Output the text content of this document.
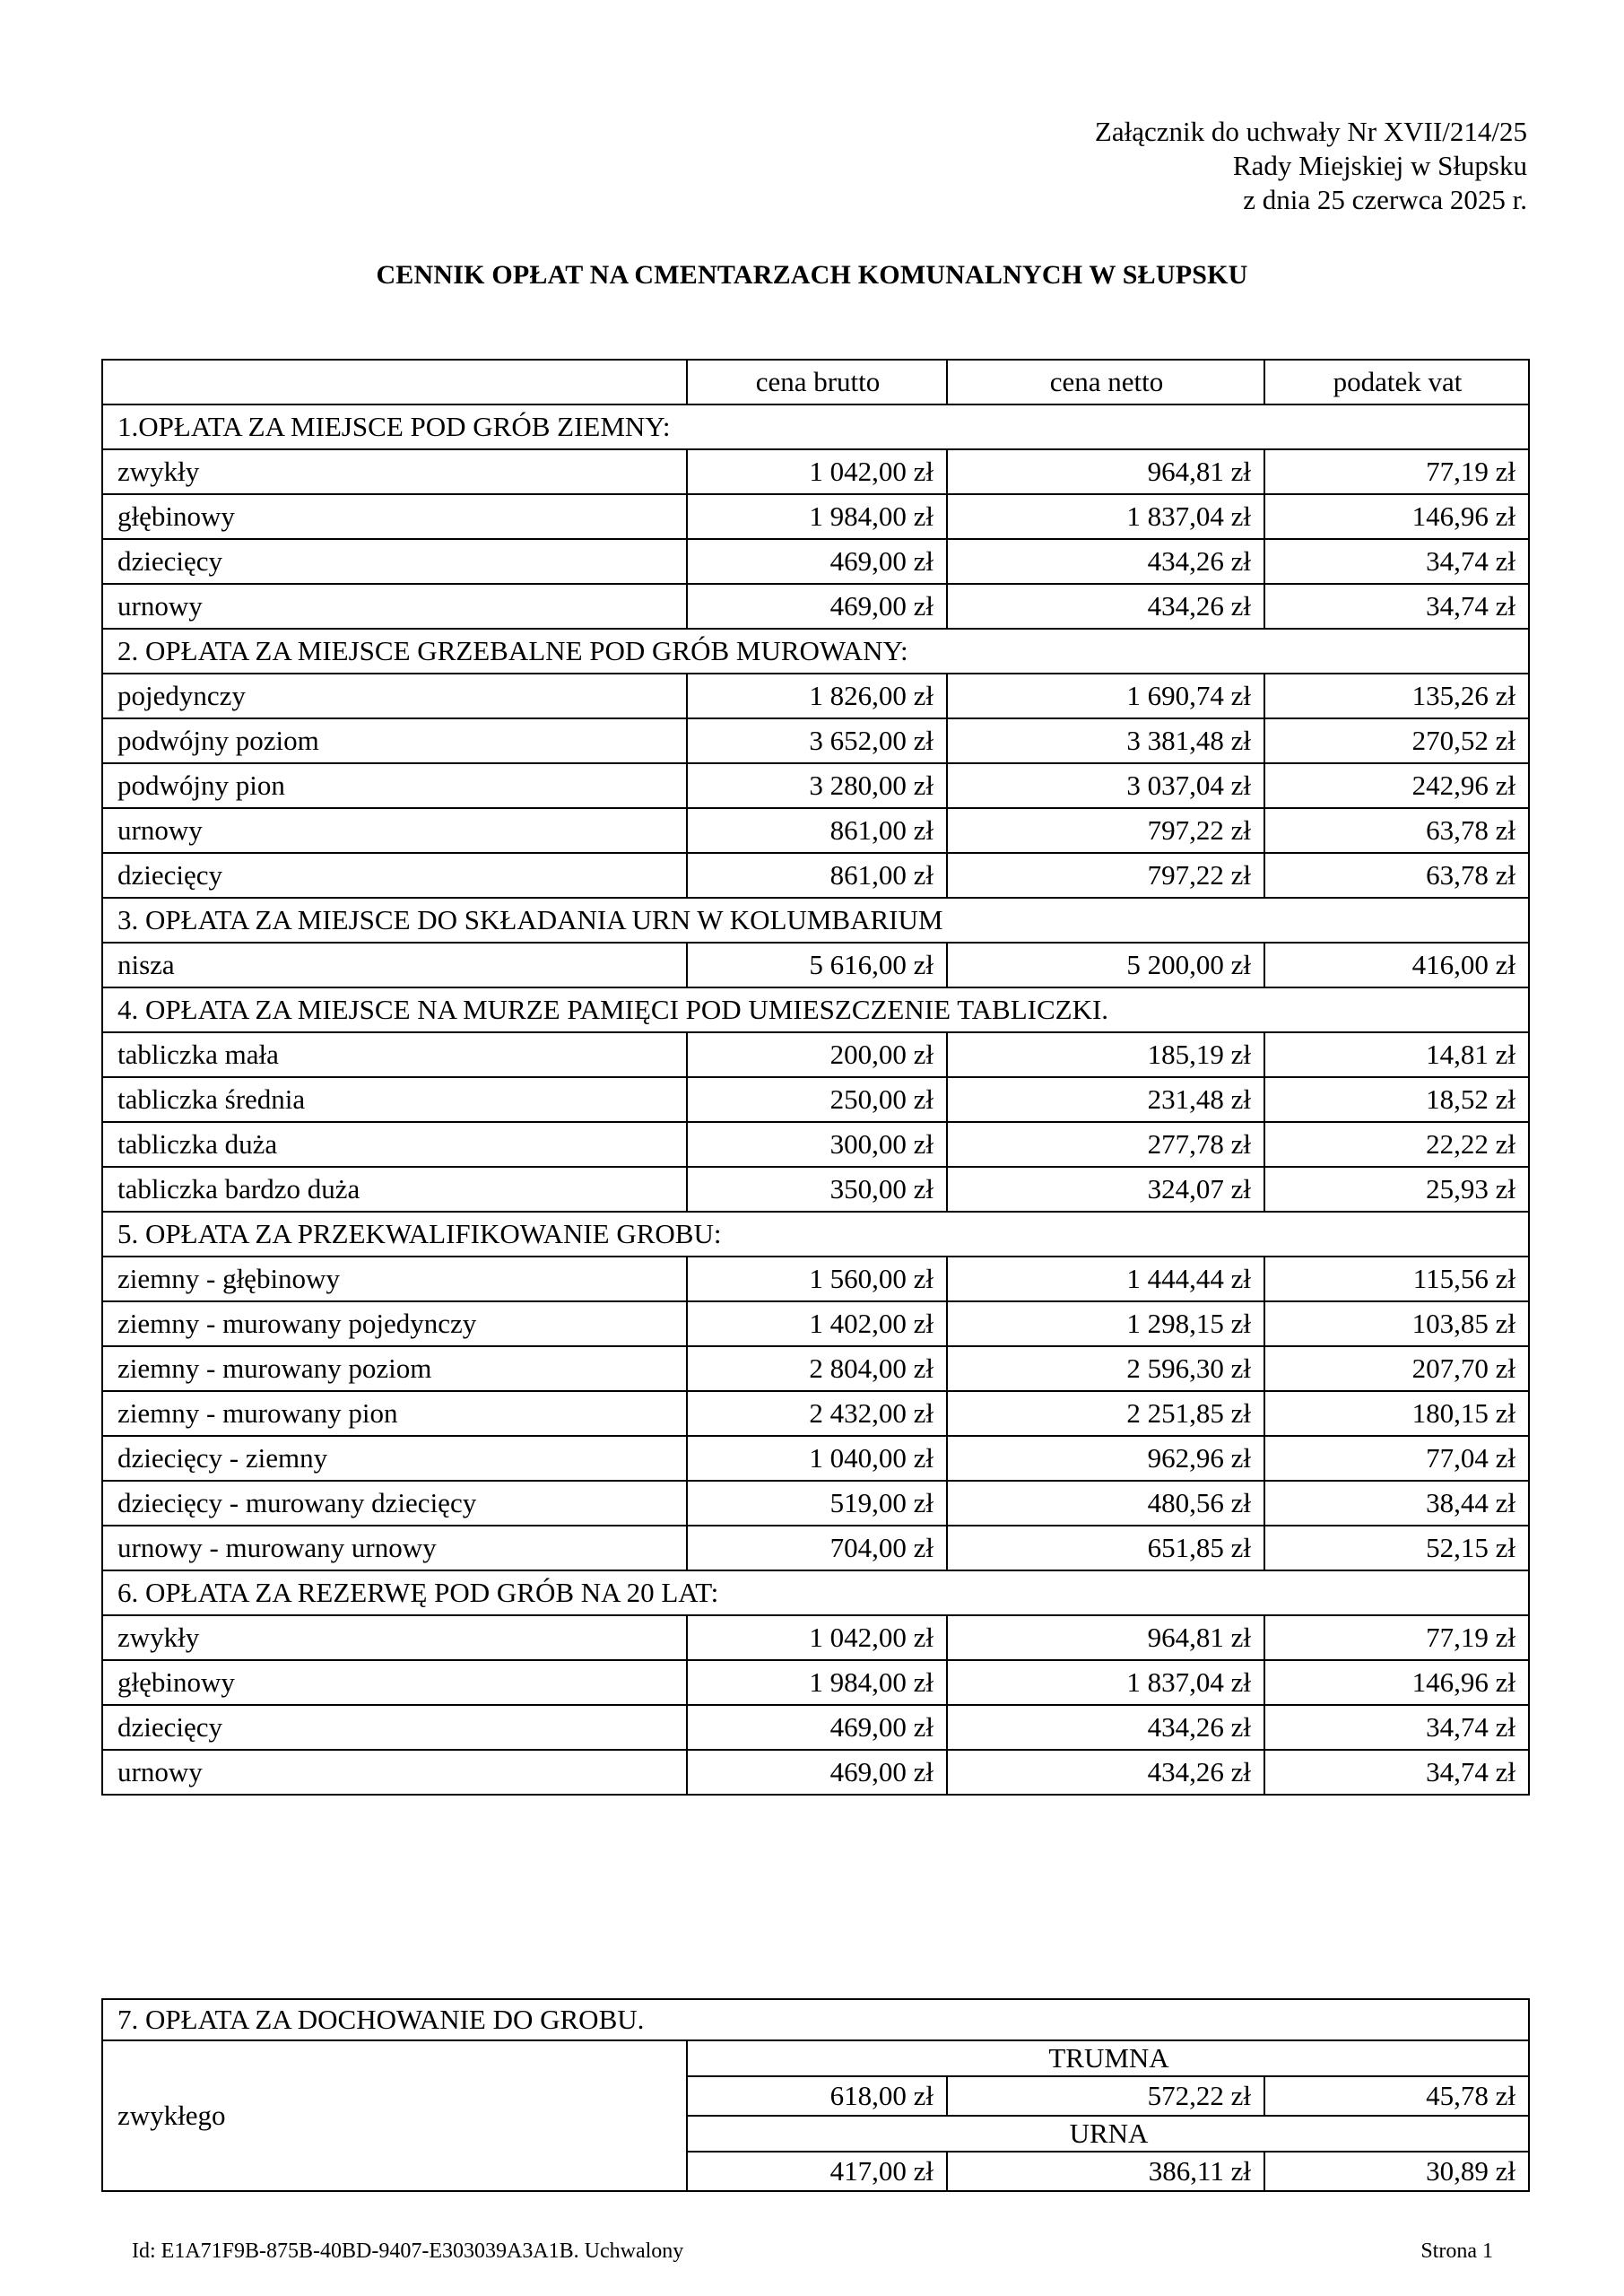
Załącznik do uchwały Nr XVII/214/25
Rady Miejskiej w Słupsku
z dnia 25 czerwca 2025 r.
CENNIK OPŁAT NA CMENTARZACH KOMUNALNYCH W SŁUPSKU
	cena brutto	cena netto	podatek vat
1.OPŁATA ZA MIEJSCE POD GRÓB ZIEMNY:			
zwykły	1 042,00 zł	964,81 zł	77,19 zł
głębinowy	1 984,00 zł	1 837,04 zł	146,96 zł
dziecięcy	469,00 zł	434,26 zł	34,74 zł
urnowy	469,00 zł	434,26 zł	34,74 zł
2. OPŁATA ZA MIEJSCE GRZEBALNE POD GRÓB MUROWANY:			
pojedynczy	1 826,00 zł	1 690,74 zł	135,26 zł
podwójny poziom	3 652,00 zł	3 381,48 zł	270,52 zł
podwójny pion	3 280,00 zł	3 037,04 zł	242,96 zł
urnowy	861,00 zł	797,22 zł	63,78 zł
dziecięcy	861,00 zł	797,22 zł	63,78 zł
3. OPŁATA ZA MIEJSCE DO SKŁADANIA URN W KOLUMBARIUM			
nisza	5 616,00 zł	5 200,00 zł	416,00 zł
4. OPŁATA ZA MIEJSCE NA MURZE PAMIĘCI POD UMIESZCZENIE TABLICZKI.			
tabliczka mała	200,00 zł	185,19 zł	14,81 zł
tabliczka średnia	250,00 zł	231,48 zł	18,52 zł
tabliczka duża	300,00 zł	277,78 zł	22,22 zł
tabliczka bardzo duża	350,00 zł	324,07 zł	25,93 zł
5. OPŁATA ZA PRZEKWALIFIKOWANIE GROBU:			
ziemny - głębinowy	1 560,00 zł	1 444,44 zł	115,56 zł
ziemny - murowany pojedynczy	1 402,00 zł	1 298,15 zł	103,85 zł
ziemny - murowany poziom	2 804,00 zł	2 596,30 zł	207,70 zł
ziemny - murowany pion	2 432,00 zł	2 251,85 zł	180,15 zł
dziecięcy - ziemny	1 040,00 zł	962,96 zł	77,04 zł
dziecięcy - murowany dziecięcy	519,00 zł	480,56 zł	38,44 zł
urnowy - murowany urnowy	704,00 zł	651,85 zł	52,15 zł
6. OPŁATA ZA REZERWĘ POD GRÓB NA 20 LAT:			
zwykły	1 042,00 zł	964,81 zł	77,19 zł
głębinowy	1 984,00 zł	1 837,04 zł	146,96 zł
dziecięcy	469,00 zł	434,26 zł	34,74 zł
urnowy	469,00 zł	434,26 zł	34,74 zł
7. OPŁATA ZA DOCHOWANIE DO GROBU.			
zwykłego	TRUMNA		
	618,00 zł	572,22 zł	45,78 zł
	URNA		
	417,00 zł	386,11 zł	30,89 zł
Id: E1A71F9B-875B-40BD-9407-E303039A3A1B. Uchwalony	Strona 1
